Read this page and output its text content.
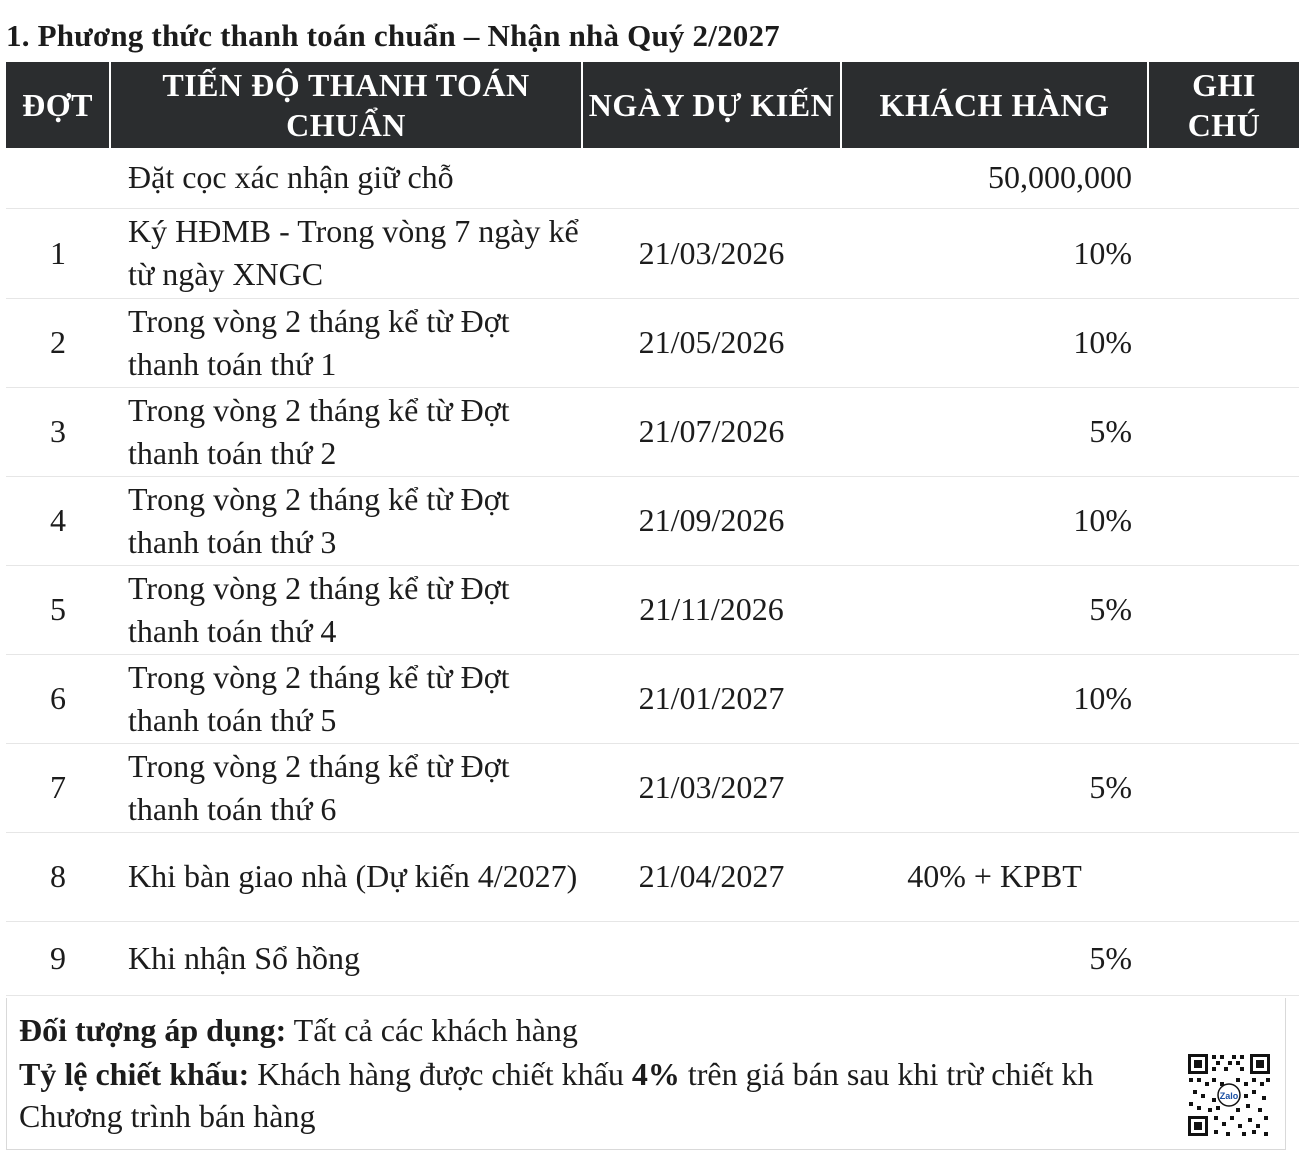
1. Phương thức thanh toán chuẩn – Nhận nhà Quý 2/2027
ĐỢT	TIẾN ĐỘ THANH TOÁN CHUẨN	NGÀY DỰ KIẾN	KHÁCH HÀNG	GHI CHÚ
	Đặt cọc xác nhận giữ chỗ		50,000,000	
1	Ký HĐMB - Trong vòng 7 ngày kể từ ngày XNGC	21/03/2026	10%	
2	Trong vòng 2 tháng kể từ Đợt thanh toán thứ 1	21/05/2026	10%	
3	Trong vòng 2 tháng kể từ Đợt thanh toán thứ 2	21/07/2026	5%	
4	Trong vòng 2 tháng kể từ Đợt thanh toán thứ 3	21/09/2026	10%	
5	Trong vòng 2 tháng kể từ Đợt thanh toán thứ 4	21/11/2026	5%	
6	Trong vòng 2 tháng kể từ Đợt thanh toán thứ 5	21/01/2027	10%	
7	Trong vòng 2 tháng kể từ Đợt thanh toán thứ 6	21/03/2027	5%	
8	Khi bàn giao nhà (Dự kiến 4/2027)	21/04/2027	40% + KPBT	
9	Khi nhận Sổ hồng		5%	
Đối tượng áp dụng: Tất cả các khách hàng
Tỷ lệ chiết khấu: Khách hàng được chiết khấu 4% trên giá bán sau khi trừ chiết kh
Chương trình bán hàng
Zalo
